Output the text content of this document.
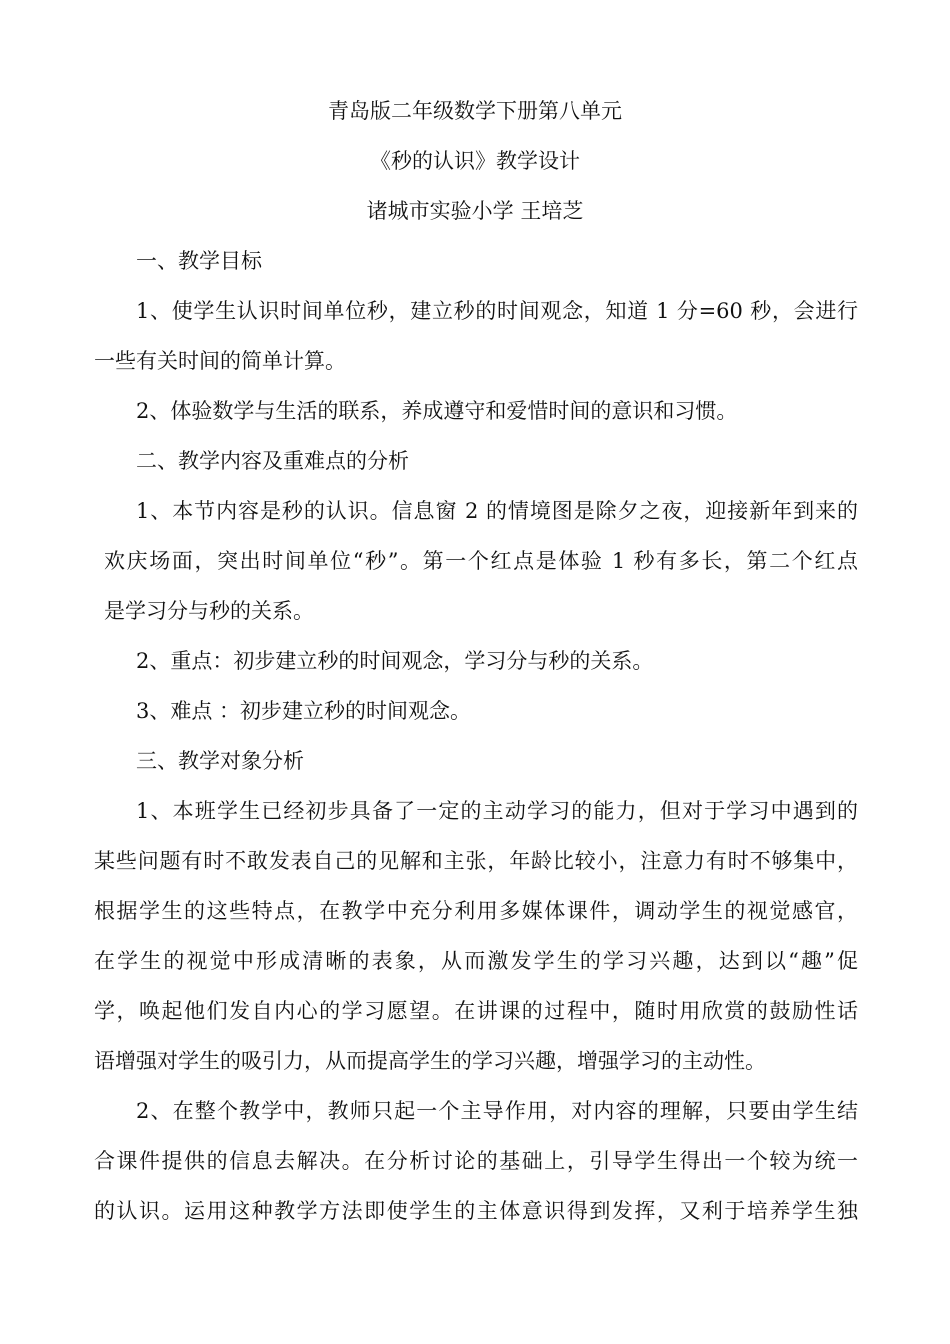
青岛版二年级数学下册第八单元
《秒的认识》教学设计
诸城市实验小学 王培芝
一、教学目标
1、使学生认识时间单位秒，建立秒的时间观念，知道 1 分=60 秒，会进行
一些有关时间的简单计算。
2、体验数学与生活的联系，养成遵守和爱惜时间的意识和习惯。
二、教学内容及重难点的分析
1、本节内容是秒的认识。信息窗 2 的情境图是除夕之夜，迎接新年到来的
欢庆场面，突出时间单位“秒”。第一个红点是体验 1 秒有多长，第二个红点
是学习分与秒的关系。
2、重点：初步建立秒的时间观念，学习分与秒的关系。
3、难点 ：初步建立秒的时间观念。
三、教学对象分析
1、本班学生已经初步具备了一定的主动学习的能力，但对于学习中遇到的
某些问题有时不敢发表自己的见解和主张，年龄比较小，注意力有时不够集中，
根据学生的这些特点，在教学中充分利用多媒体课件，调动学生的视觉感官，
在学生的视觉中形成清晰的表象，从而激发学生的学习兴趣，达到以“趣”促
学，唤起他们发自内心的学习愿望。在讲课的过程中，随时用欣赏的鼓励性话
语增强对学生的吸引力，从而提高学生的学习兴趣，增强学习的主动性。
2、在整个教学中，教师只起一个主导作用，对内容的理解，只要由学生结
合课件提供的信息去解决。在分析讨论的基础上，引导学生得出一个较为统一
的认识。运用这种教学方法即使学生的主体意识得到发挥，又利于培养学生独
